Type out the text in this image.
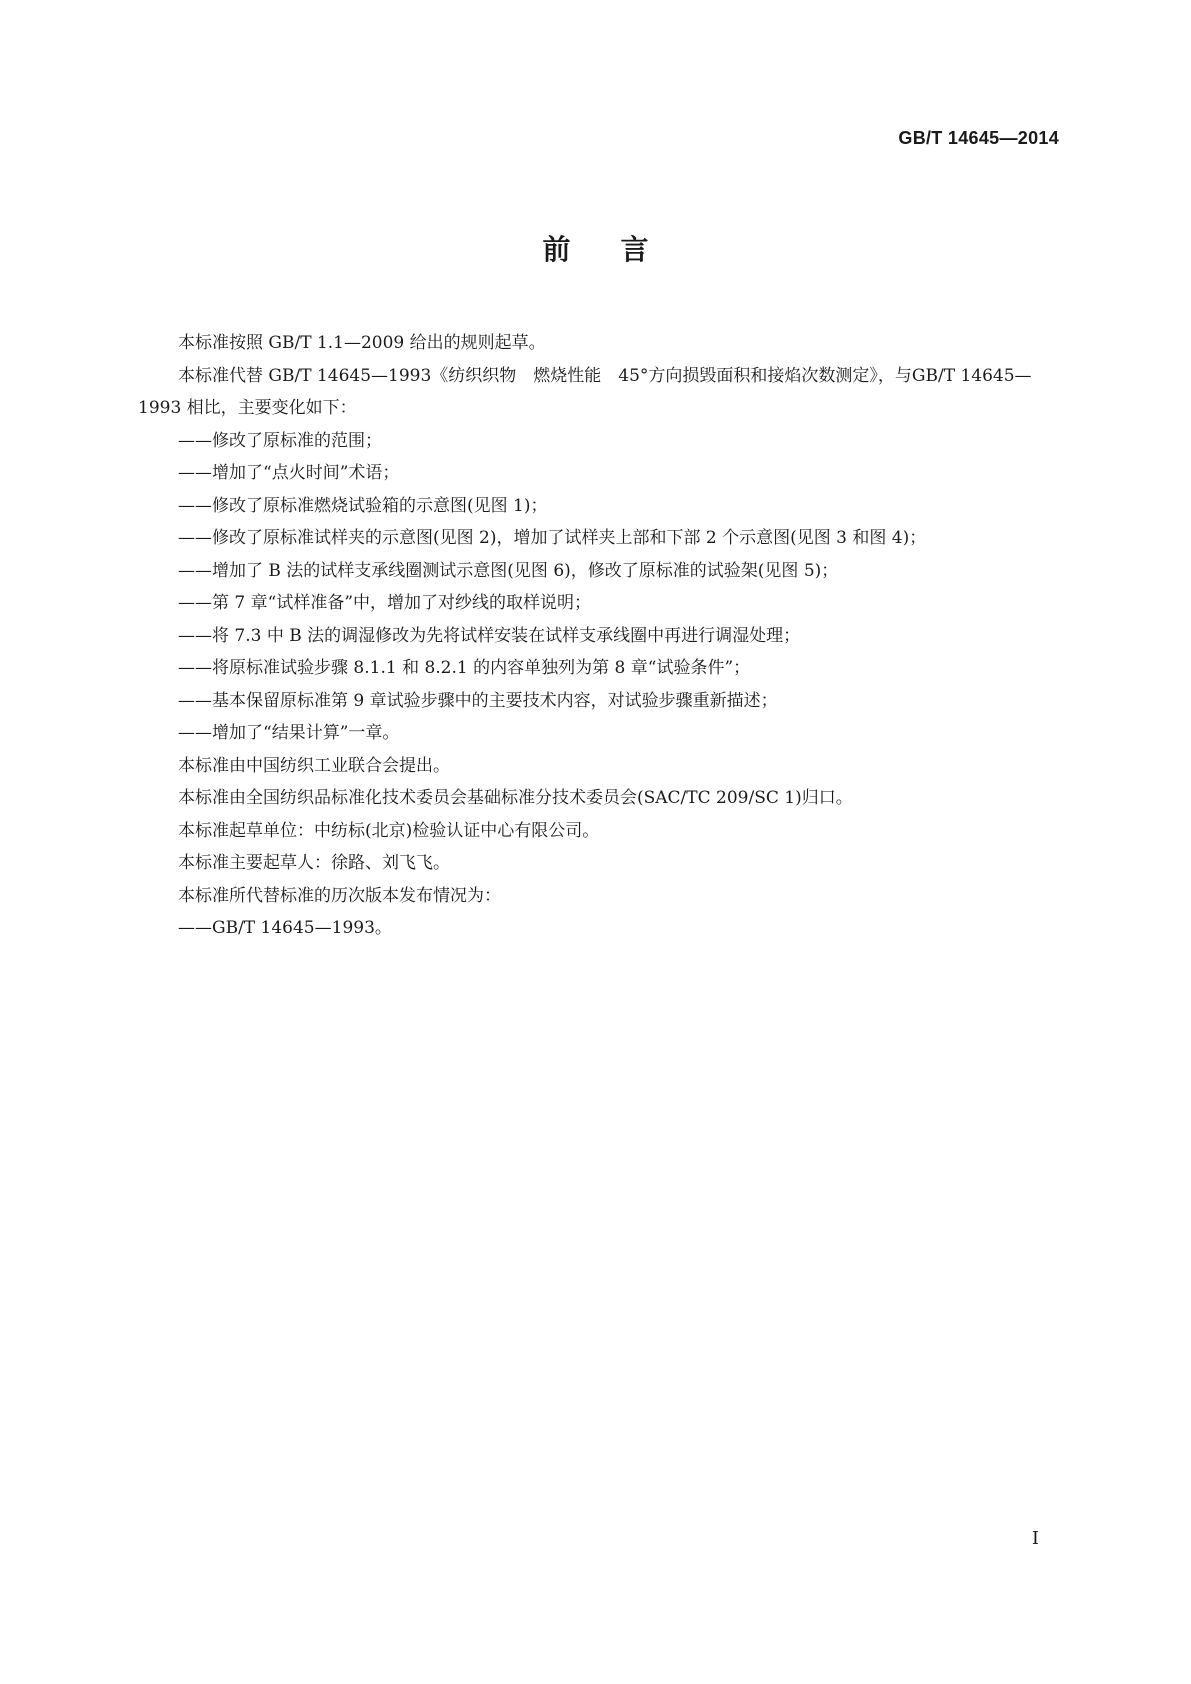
GB/T 14645—2014
前言

本标准按照 GB/T 1.1—2009 给出的规则起草。

本标准代替 GB/T 14645—1993《纺织织物　燃烧性能　45°方向损毁面积和接焰次数测定》，与GB/T 14645—1993 相比，主要变化如下：

——修改了原标准的范围；

——增加了“点火时间”术语；

——修改了原标准燃烧试验箱的示意图(见图 1)；

——修改了原标准试样夹的示意图(见图 2)，增加了试样夹上部和下部 2 个示意图(见图 3 和图 4)；

——增加了 B 法的试样支承线圈测试示意图(见图 6)，修改了原标准的试验架(见图 5)；

——第 7 章“试样准备”中，增加了对纱线的取样说明；

——将 7.3 中 B 法的调湿修改为先将试样安装在试样支承线圈中再进行调湿处理；

——将原标准试验步骤 8.1.1 和 8.2.1 的内容单独列为第 8 章“试验条件”；

——基本保留原标准第 9 章试验步骤中的主要技术内容，对试验步骤重新描述；

——增加了“结果计算”一章。

本标准由中国纺织工业联合会提出。

本标准由全国纺织品标准化技术委员会基础标准分技术委员会(SAC/TC 209/SC 1)归口。

本标准起草单位：中纺标(北京)检验认证中心有限公司。

本标准主要起草人：徐路、刘飞飞。

本标准所代替标准的历次版本发布情况为：

——GB/T 14645—1993。

I
